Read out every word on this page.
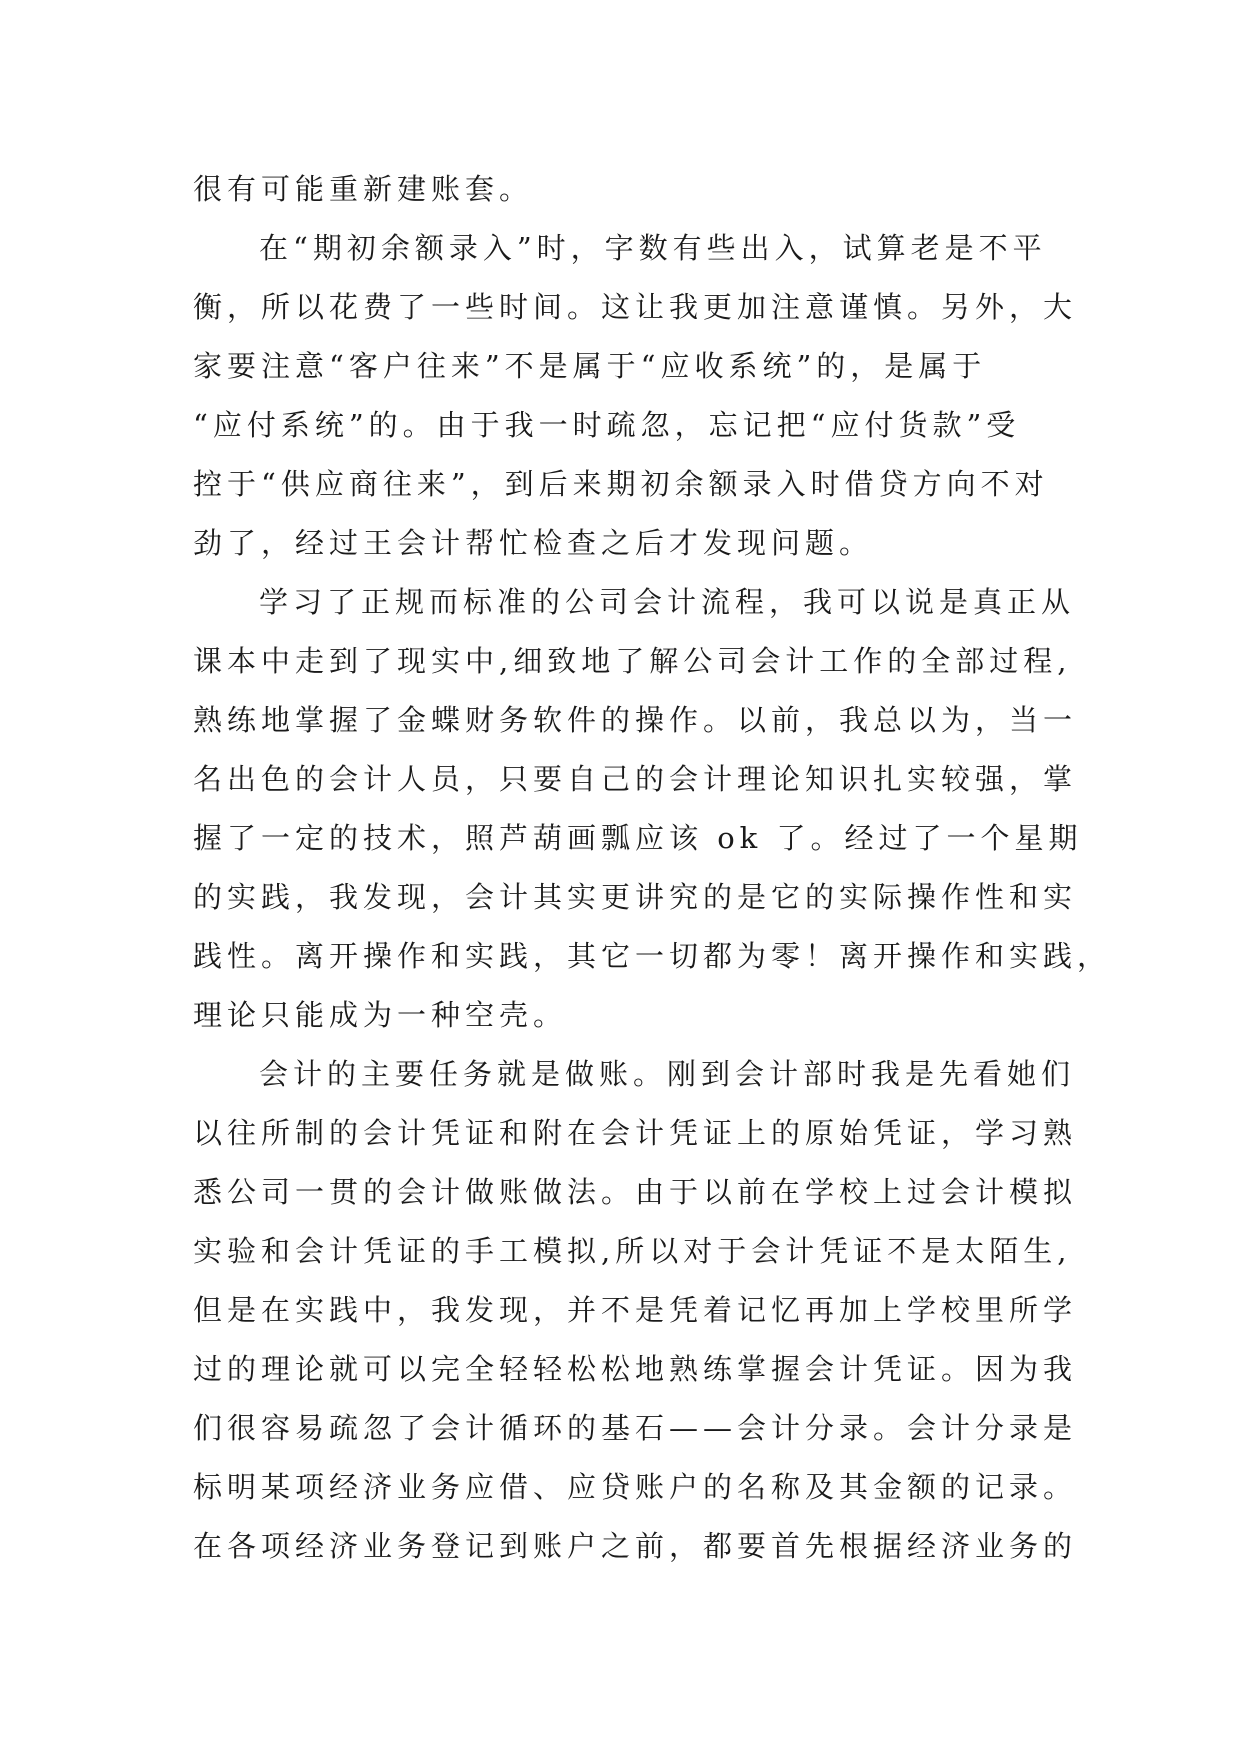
很有可能重新建账套。
在“期初余额录入”时，字数有些出入，试算老是不平
衡，所以花费了一些时间。这让我更加注意谨慎。另外，大
家要注意“客户往来”不是属于“应收系统”的，是属于
“应付系统”的。由于我一时疏忽，忘记把“应付货款”受
控于“供应商往来”，到后来期初余额录入时借贷方向不对
劲了，经过王会计帮忙检查之后才发现问题。
学习了正规而标准的公司会计流程，我可以说是真正从
课本中走到了现实中,细致地了解公司会计工作的全部过程,
熟练地掌握了金蝶财务软件的操作。以前，我总以为，当一
名出色的会计人员，只要自己的会计理论知识扎实较强，掌
握了一定的技术，照芦葫画瓢应该 ok 了。经过了一个星期
的实践，我发现，会计其实更讲究的是它的实际操作性和实
践性。离开操作和实践，其它一切都为零！离开操作和实践，
理论只能成为一种空壳。
会计的主要任务就是做账。刚到会计部时我是先看她们
以往所制的会计凭证和附在会计凭证上的原始凭证，学习熟
悉公司一贯的会计做账做法。由于以前在学校上过会计模拟
实验和会计凭证的手工模拟,所以对于会计凭证不是太陌生,
但是在实践中，我发现，并不是凭着记忆再加上学校里所学
过的理论就可以完全轻轻松松地熟练掌握会计凭证。因为我
们很容易疏忽了会计循环的基石——会计分录。会计分录是
标明某项经济业务应借、应贷账户的名称及其金额的记录。
在各项经济业务登记到账户之前，都要首先根据经济业务的
